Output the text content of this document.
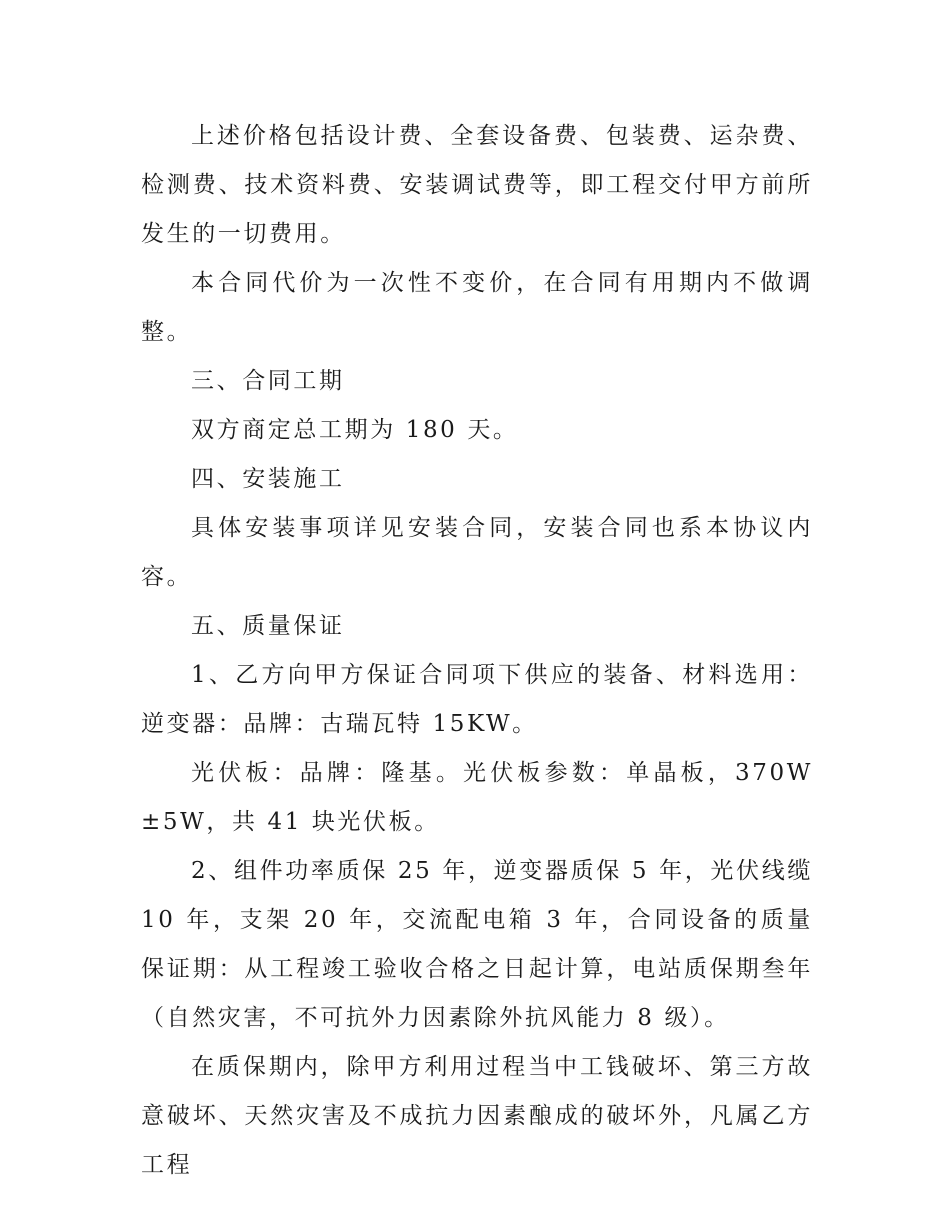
上述价格包括设计费、全套设备费、包装费、运杂费、检测费、技术资料费、安装调试费等，即工程交付甲方前所发生的一切费用。

本合同代价为一次性不变价，在合同有用期内不做调整。

三、合同工期

双方商定总工期为 180 天。

四、安装施工

具体安装事项详见安装合同，安装合同也系本协议内容。

五、质量保证

1、乙方向甲方保证合同项下供应的装备、材料选用：逆变器：品牌：古瑞瓦特 15KW。

光伏板：品牌：隆基。光伏板参数：单晶板，370W±5W，共 41 块光伏板。

2、组件功率质保 25 年，逆变器质保 5 年，光伏线缆 10 年，支架 20 年，交流配电箱 3 年，合同设备的质量保证期：从工程竣工验收合格之日起计算，电站质保期叁年（自然灾害，不可抗外力因素除外抗风能力 8 级）。

在质保期内，除甲方利用过程当中工钱破坏、第三方故意破坏、天然灾害及不成抗力因素酿成的破坏外，凡属乙方工程
